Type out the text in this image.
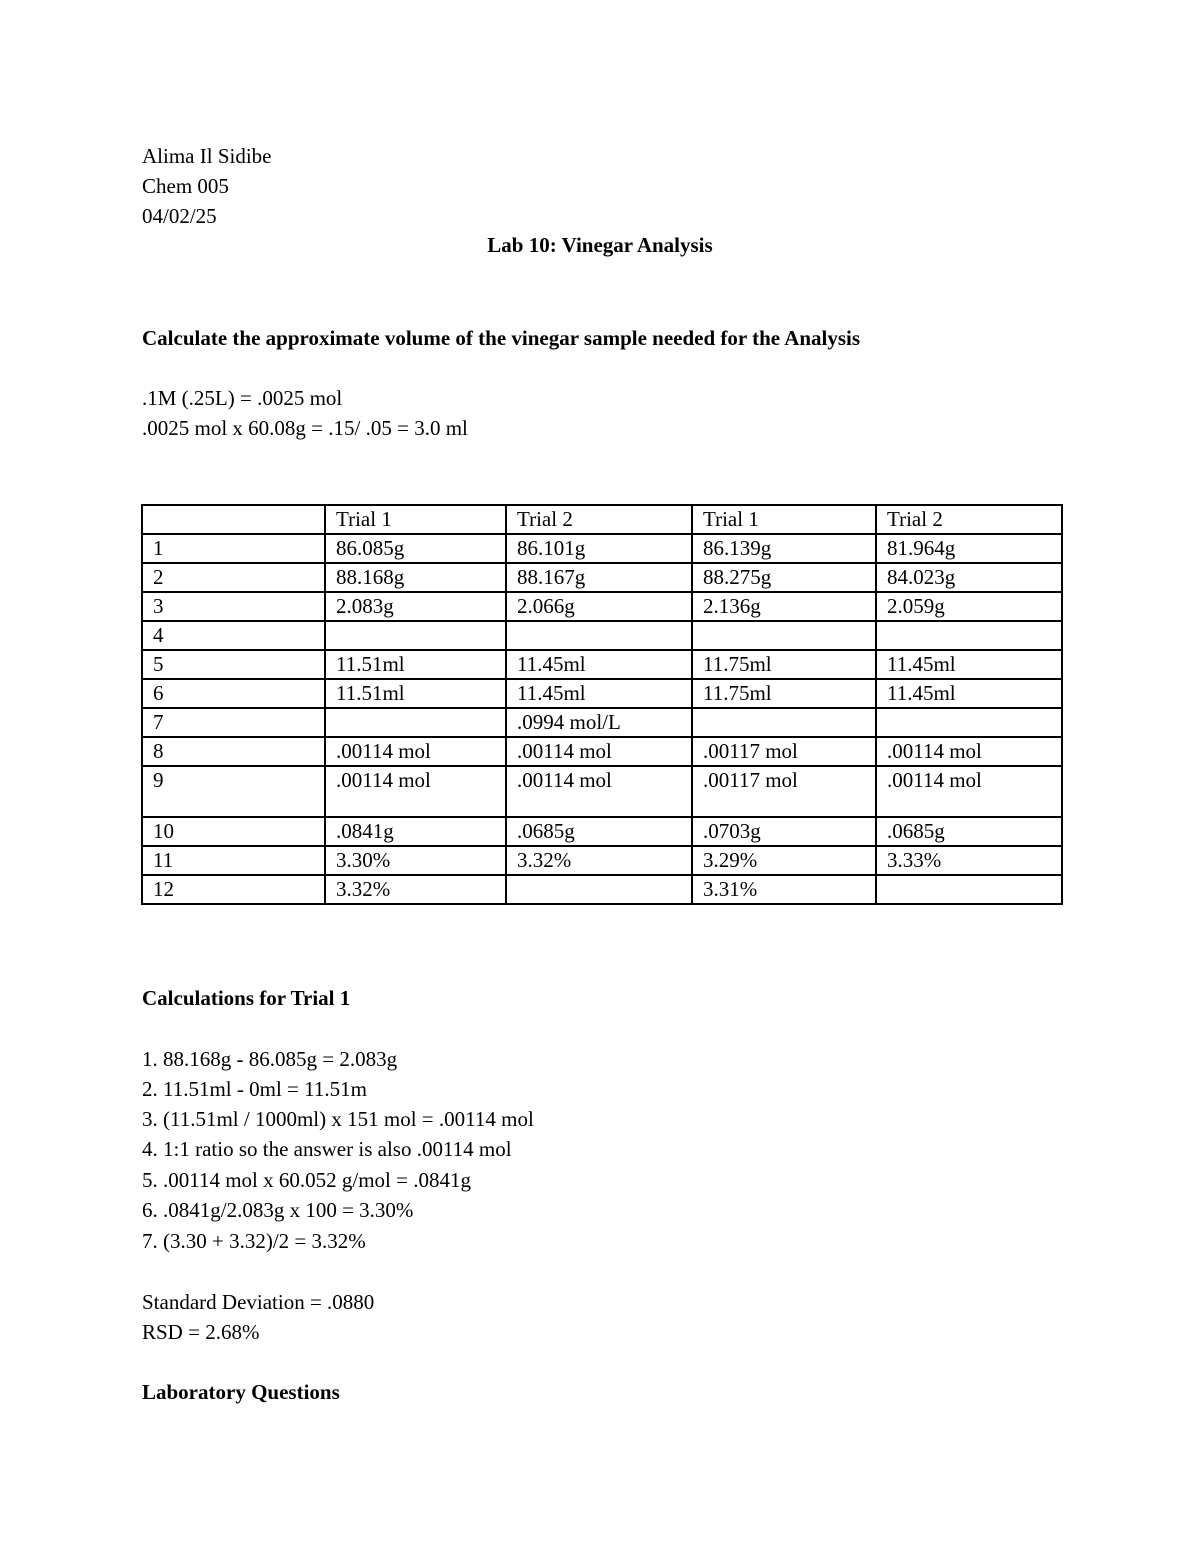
Alima Il Sidibe
Chem 005
04/02/25
Lab 10: Vinegar Analysis
Calculate the approximate volume of the vinegar sample needed for the Analysis
.1M (.25L) = .0025 mol
.0025 mol x 60.08g = .15/ .05 = 3.0 ml
	Trial 1	Trial 2	Trial 1	Trial 2
1	86.085g	86.101g	86.139g	81.964g
2	88.168g	88.167g	88.275g	84.023g
3	2.083g	2.066g	2.136g	2.059g
4				
5	11.51ml	11.45ml	11.75ml	11.45ml
6	11.51ml	11.45ml	11.75ml	11.45ml
7		.0994 mol/L		
8	.00114 mol	.00114 mol	.00117 mol	.00114 mol
9	.00114 mol	.00114 mol	.00117 mol	.00114 mol
10	.0841g	.0685g	.0703g	.0685g
11	3.30%	3.32%	3.29%	3.33%
12	3.32%		3.31%	
Calculations for Trial 1
1. 88.168g - 86.085g = 2.083g
2. 11.51ml - 0ml = 11.51m
3. (11.51ml / 1000ml) x 151 mol = .00114 mol
4. 1:1 ratio so the answer is also .00114 mol
5. .00114 mol x 60.052 g/mol = .0841g
6. .0841g/2.083g x 100 = 3.30%
7. (3.30 + 3.32)/2 = 3.32%
Standard Deviation = .0880
RSD = 2.68%
Laboratory Questions
